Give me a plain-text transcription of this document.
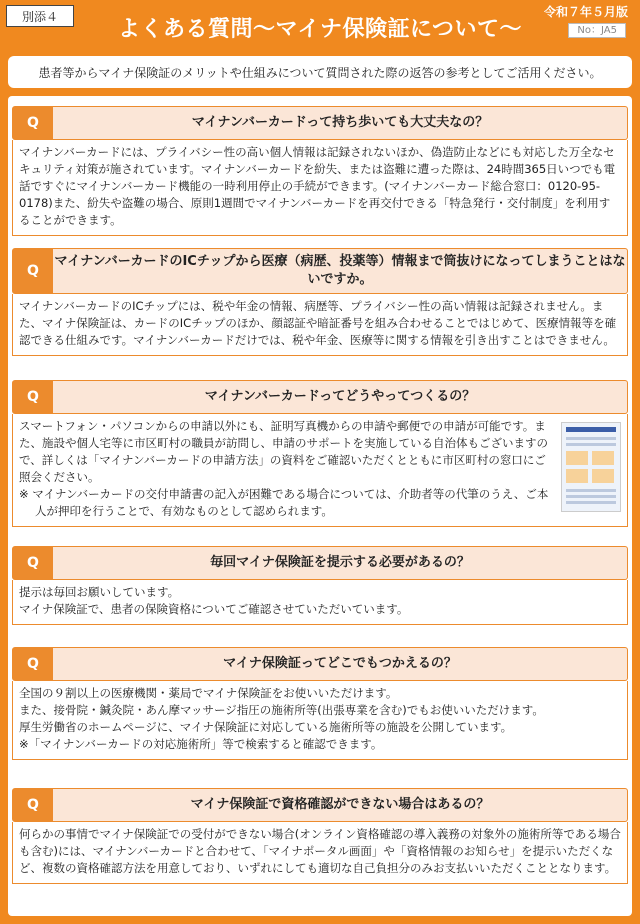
別添４
よくある質問～マイナ保険証について～
令和７年５月版
No：JA5
患者等からマイナ保険証のメリットや仕組みについて質問された際の返答の参考としてご活用ください。
Q	マイナンバーカードって持ち歩いても大丈夫なの？

マイナンバーカードには、プライバシー性の高い個人情報は記録されないほか、偽造防止などにも対応した万全なセキュリティ対策が施されています。マイナンバーカードを紛失、または盗難に遭った際は、24時間365日いつでも電話ですぐにマイナンバーカード機能の一時利用停止の手続ができます。(マイナンバーカード総合窓口：0120-95-0178)また、紛失や盗難の場合、原則1週間でマイナンバーカードを再交付できる「特急発行・交付制度」を利用することができます。

Q
マイナンバーカードのICチップから医療（病歴、投薬等）情報まで筒抜けになってしまうことはないですか。

マイナンバーカードのICチップには、税や年金の情報、病歴等、プライバシー性の高い情報は記録されません。また、マイナ保険証は、カードのICチップのほか、顔認証や暗証番号を組み合わせることではじめて、医療情報等を確認できる仕組みです。マイナンバーカードだけでは、税や年金、医療等に関する情報を引き出すことはできません。

Q	マイナンバーカードってどうやってつくるの？

スマートフォン・パソコンからの申請以外にも、証明写真機からの申請や郵便での申請が可能です。また、施設や個人宅等に市区町村の職員が訪問し、申請のサポートを実施している自治体もございますので、詳しくは「マイナンバーカードの申請方法」の資料をご確認いただくとともに市区町村の窓口にご照会ください。

※ マイナンバーカードの交付申請書の記入が困難である場合については、介助者等の代筆のうえ、ご本人が押印を行うことで、有効なものとして認められます。

Q	毎回マイナ保険証を提示する必要があるの？

提示は毎回お願いしています。

マイナ保険証で、患者の保険資格についてご確認させていただいています。

Q	マイナ保険証ってどこでもつかえるの？

全国の９割以上の医療機関・薬局でマイナ保険証をお使いいただけます。

また、接骨院・鍼灸院・あん摩マッサージ指圧の施術所等(出張専業を含む)でもお使いいただけます。

厚生労働省のホームページに、マイナ保険証に対応している施術所等の施設を公開しています。

※「マイナンバーカードの対応施術所」等で検索すると確認できます。

Q	マイナ保険証で資格確認ができない場合はあるの？

何らかの事情でマイナ保険証での受付ができない場合(オンライン資格確認の導入義務の対象外の施術所等である場合も含む)には、マイナンバーカードと合わせて、「マイナポータル画面」や「資格情報のお知らせ」を提示いただくなど、複数の資格確認方法を用意しており、いずれにしても適切な自己負担分のみお支払いいただくこととなります。
